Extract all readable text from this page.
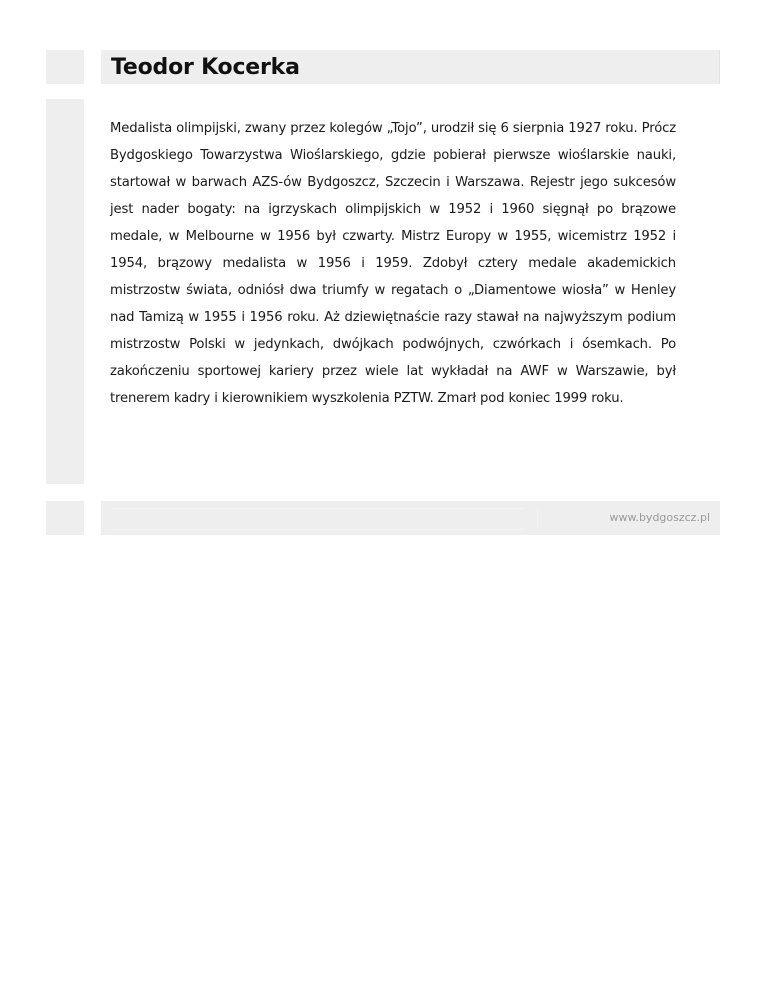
Teodor Kocerka

Medalista olimpijski, zwany przez kolegów „Tojo”, urodził się 6 sierpnia 1927 roku. Prócz Bydgoskiego Towarzystwa Wioślarskiego, gdzie pobierał pierwsze wioślarskie nauki, startował w barwach AZS-ów Bydgoszcz, Szczecin i Warszawa. Rejestr jego sukcesów jest nader bogaty: na igrzyskach olimpijskich w 1952 i 1960 sięgnął po brązowe medale, w Melbourne w 1956 był czwarty. Mistrz Europy w 1955, wicemistrz 1952 i 1954, brązowy medalista w 1956 i 1959. Zdobył cztery medale akademickich mistrzostw świata, odniósł dwa triumfy w regatach o „Diamentowe wiosła” w Henley nad Tamizą w 1955 i 1956 roku. Aż dziewiętnaście razy stawał na najwyższym podium mistrzostw Polski w jedynkach, dwójkach podwójnych, czwórkach i ósemkach. Po zakończeniu sportowej kariery przez wiele lat wykładał na AWF w Warszawie, był trenerem kadry i kierownikiem wyszkolenia PZTW. Zmarł pod koniec 1999 roku.

www.bydgoszcz.pl
